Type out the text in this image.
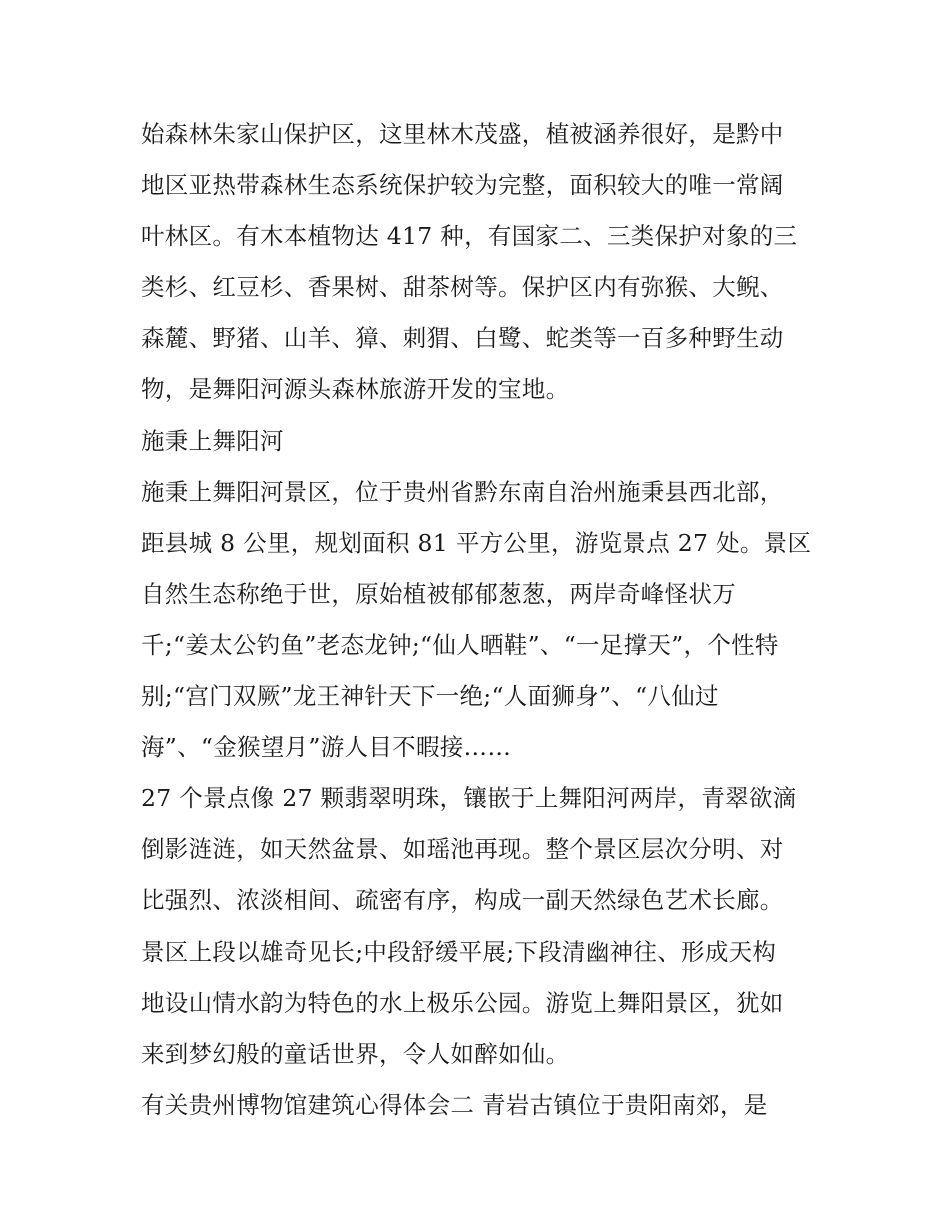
始森林朱家山保护区，这里林木茂盛，植被涵养很好，是黔中
地区亚热带森林生态系统保护较为完整，面积较大的唯一常阔
叶林区。有木本植物达 417 种，有国家二、三类保护对象的三
类杉、红豆杉、香果树、甜茶树等。保护区内有弥猴、大鲵、
森麓、野猪、山羊、獐、刺猬、白鹭、蛇类等一百多种野生动
物，是舞阳河源头森林旅游开发的宝地。
施秉上舞阳河
施秉上舞阳河景区，位于贵州省黔东南自治州施秉县西北部，
距县城 8 公里，规划面积 81 平方公里，游览景点 27 处。景区
自然生态称绝于世，原始植被郁郁葱葱，两岸奇峰怪状万
千;“姜太公钓鱼”老态龙钟;“仙人晒鞋”、“一足撑天”，个性特
别;“宫门双厥”龙王神针天下一绝;“人面狮身”、“八仙过
海”、“金猴望月”游人目不暇接……
27 个景点像 27 颗翡翠明珠，镶嵌于上舞阳河两岸，青翠欲滴
倒影涟涟，如天然盆景、如瑶池再现。整个景区层次分明、对
比强烈、浓淡相间、疏密有序，构成一副天然绿色艺术长廊。
景区上段以雄奇见长;中段舒缓平展;下段清幽神往、形成天构
地设山情水韵为特色的水上极乐公园。游览上舞阳景区，犹如
来到梦幻般的童话世界，令人如醉如仙。
有关贵州博物馆建筑心得体会二 青岩古镇位于贵阳南郊，是
